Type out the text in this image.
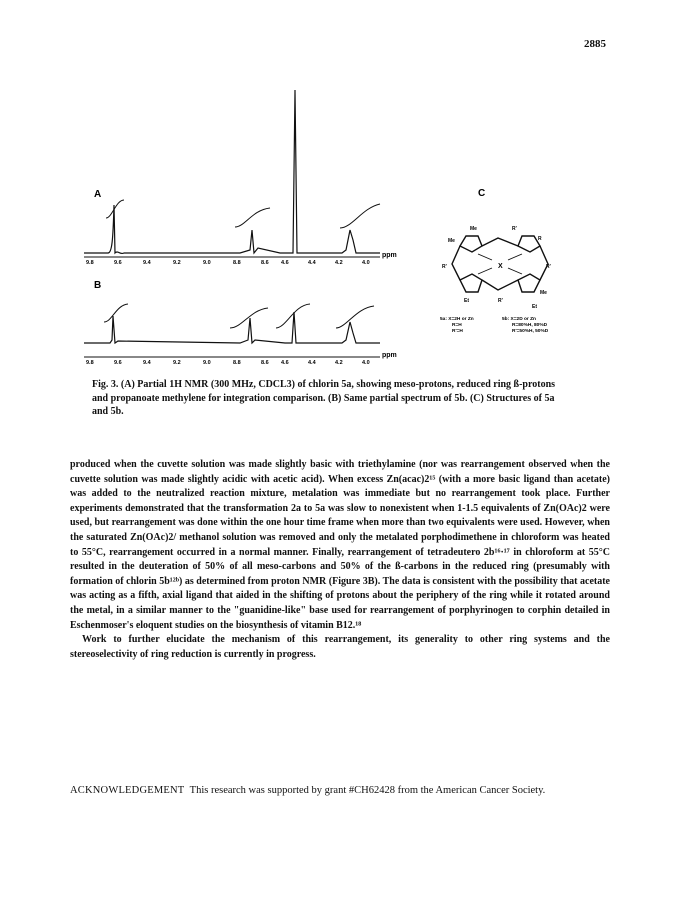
2885
A
9.8	9.6	9.4	9.2	9.0	8.8	8.6 4.6	4.4	4.2	4.0
ppm
B
9.8	9.6	9.4	9.2	9.0	8.8	8.6 4.6	4.4	4.2	4.0
ppm
C
Me	R'
R
Me
R'	X	R'
Me
Et	R'
Et
5a: X=2H or Zn
R=H
R'=H
5b: X=2D or Zn
R=80%H, 80%D
R'=50%H, 50%D
Fig. 3. (A) Partial 1H NMR (300 MHz, CDCL3) of chlorin 5a, showing meso-protons, reduced ring ß-protons and propanoate methylene for integration comparison. (B) Same partial spectrum of 5b. (C) Structures of 5a and 5b.

produced when the cuvette solution was made slightly basic with triethylamine (nor was rearrangement observed when the cuvette solution was made slightly acidic with acetic acid). When excess Zn(acac)2¹⁵ (with a more basic ligand than acetate) was added to the neutralized reaction mixture, metalation was immediate but no rearrangement took place. Further experiments demonstrated that the transformation 2a to 5a was slow to nonexistent when 1-1.5 equivalents of Zn(OAc)2 were used, but rearrangement was done within the one hour time frame when more than two equivalents were used. However, when the saturated Zn(OAc)2/ methanol solution was removed and only the metalated porphodimethene in chloroform was heated to 55°C, rearrangement occurred in a normal manner. Finally, rearrangement of tetradeutero 2b¹⁶·¹⁷ in chloroform at 55°C resulted in the deuteration of 50% of all meso-carbons and 50% of the ß-carbons in the reduced ring (presumably with formation of chlorin 5b¹²ᵇ) as determined from proton NMR (Figure 3B). The data is consistent with the possibility that acetate was acting as a fifth, axial ligand that aided in the shifting of protons about the periphery of the ring while it rotated around the metal, in a similar manner to the "guanidine-like" base used for rearrangement of porphyrinogen to corphin detailed in Eschenmoser's eloquent studies on the biosynthesis of vitamin B12.¹⁸

Work to further elucidate the mechanism of this rearrangement, its generality to other ring systems and the stereoselectivity of ring reduction is currently in progress.

ACKNOWLEDGEMENT This research was supported by grant #CH62428 from the American Cancer Society.
